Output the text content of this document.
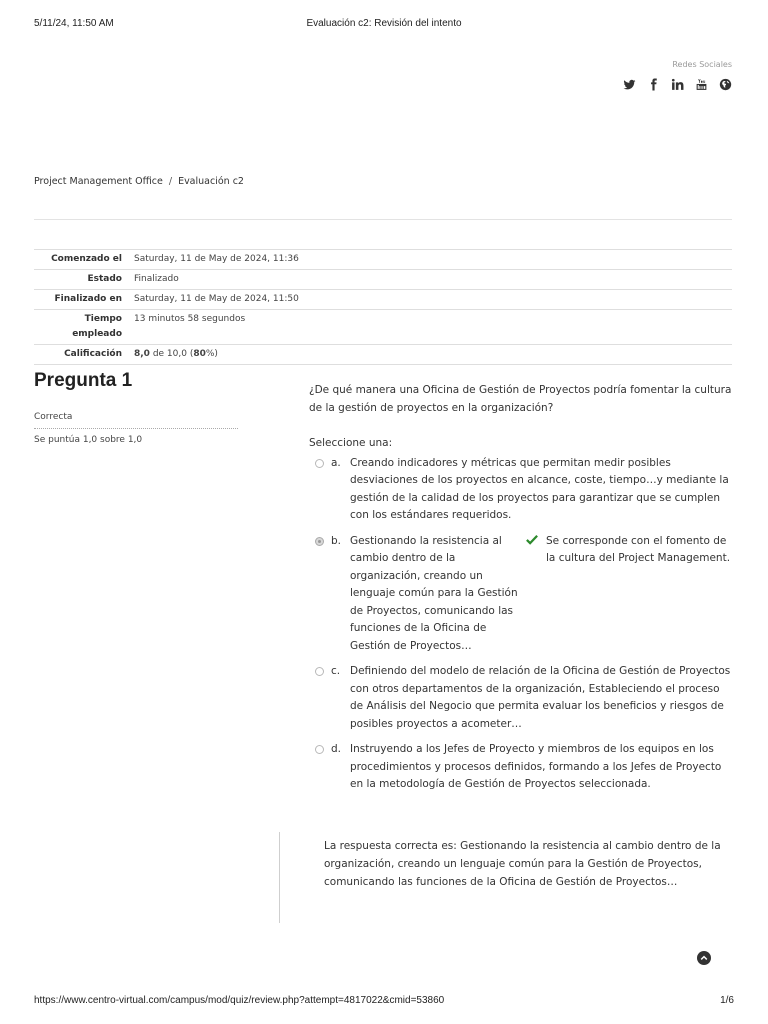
5/11/24, 11:50 AM	Evaluación c2: Revisión del intento
Redes Sociales
Project Management Office / Evaluación c2
Comenzado el	Saturday, 11 de May de 2024, 11:36
Estado	Finalizado
Finalizado en	Saturday, 11 de May de 2024, 11:50
Tiempo empleado	13 minutos 58 segundos
Calificación	8,0 de 10,0 (80%)
Pregunta 1
Correcta
Se puntúa 1,0 sobre 1,0
¿De qué manera una Oficina de Gestión de Proyectos podría fomentar la cultura de la gestión de proyectos en la organización?
Seleccione una:
a. Creando indicadores y métricas que permitan medir posibles desviaciones de los proyectos en alcance, coste, tiempo…y mediante la gestión de la calidad de los proyectos para garantizar que se cumplen con los estándares requeridos.
b. Gestionando la resistencia al cambio dentro de la organización, creando un lenguaje común para la Gestión de Proyectos, comunicando las funciones de la Oficina de Gestión de Proyectos…
Se corresponde con el fomento de la cultura del Project Management.
c. Definiendo del modelo de relación de la Oficina de Gestión de Proyectos con otros departamentos de la organización, Estableciendo el proceso de Análisis del Negocio que permita evaluar los beneficios y riesgos de posibles proyectos a acometer…
d. Instruyendo a los Jefes de Proyecto y miembros de los equipos en los procedimientos y procesos definidos, formando a los Jefes de Proyecto en la metodología de Gestión de Proyectos seleccionada.
La respuesta correcta es: Gestionando la resistencia al cambio dentro de la organización, creando un lenguaje común para la Gestión de Proyectos, comunicando las funciones de la Oficina de Gestión de Proyectos…
https://www.centro-virtual.com/campus/mod/quiz/review.php?attempt=4817022&cmid=53860	1/6
